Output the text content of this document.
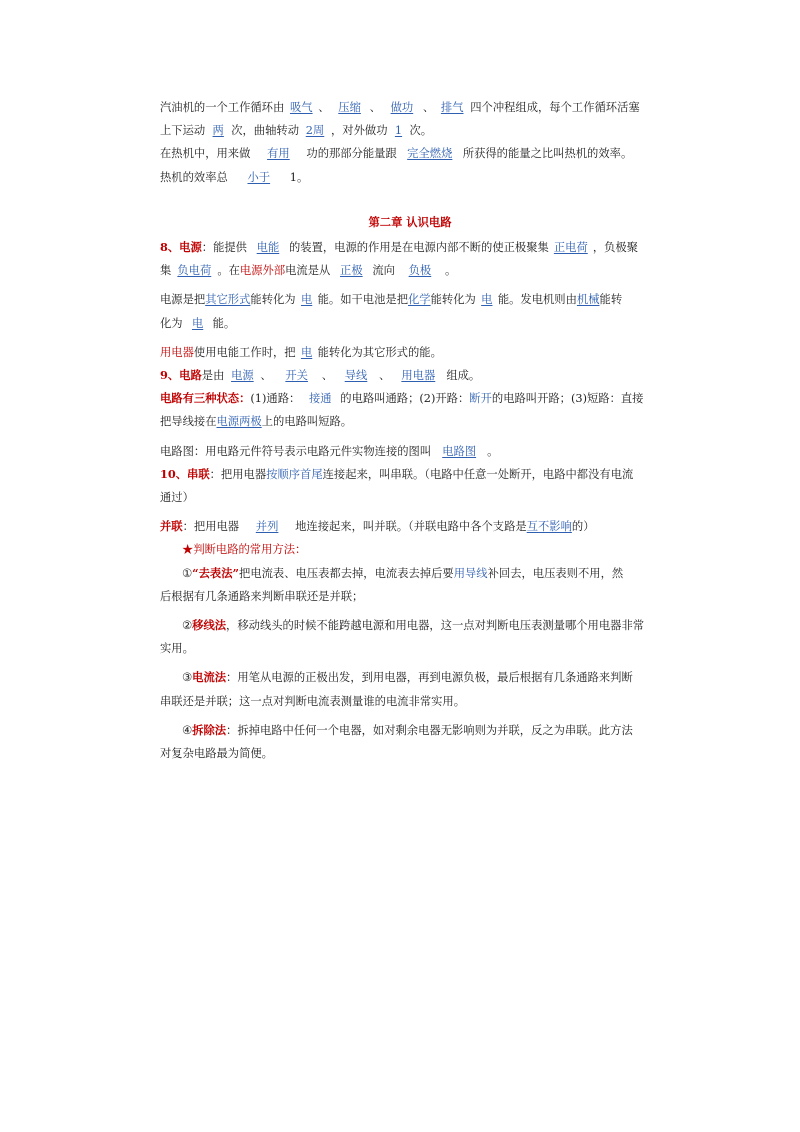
汽油机的一个工作循环由 吸气 、 压缩 、 做功 、 排气 四个冲程组成，每个工作循环活塞
上下运动 两 次，曲轴转动 2周 ，对外做功 1 次。
在热机中，用来做 有用 功的那部分能量跟 完全燃烧 所获得的能量之比叫热机的效率。
热机的效率总 小于 1。
第二章 认识电路
8、电源：能提供 电能 的装置，电源的作用是在电源内部不断的使正极聚集 正电荷 ，负极聚
集 负电荷 。在电源外部电流是从 正极 流向 负极 。
电源是把其它形式能转化为 电 能。如干电池是把化学能转化为 电 能。发电机则由机械能转
化为 电 能。
用电器使用电能工作时，把 电 能转化为其它形式的能。
9、电路是由 电源 、 开关 、 导线 、 用电器 组成。
电路有三种状态：(1)通路： 接通 的电路叫通路；(2)开路：断开的电路叫开路；(3)短路：直接
把导线接在电源两极上的电路叫短路。
电路图：用电路元件符号表示电路元件实物连接的图叫 电路图 。
10、串联：把用电器按顺序首尾连接起来，叫串联。（电路中任意一处断开，电路中都没有电流
通过）
并联：把用电器 并列 地连接起来，叫并联。（并联电路中各个支路是互不影响的）
★判断电路的常用方法：
①“去表法”把电流表、电压表都去掉，电流表去掉后要用导线补回去，电压表则不用，然
后根据有几条通路来判断串联还是并联；
②移线法，移动线头的时候不能跨越电源和用电器，这一点对判断电压表测量哪个用电器非常
实用。
③电流法：用笔从电源的正极出发，到用电器，再到电源负极，最后根据有几条通路来判断
串联还是并联；这一点对判断电流表测量谁的电流非常实用。
④拆除法：拆掉电路中任何一个电器，如对剩余电器无影响则为并联，反之为串联。此方法
对复杂电路最为简便。
